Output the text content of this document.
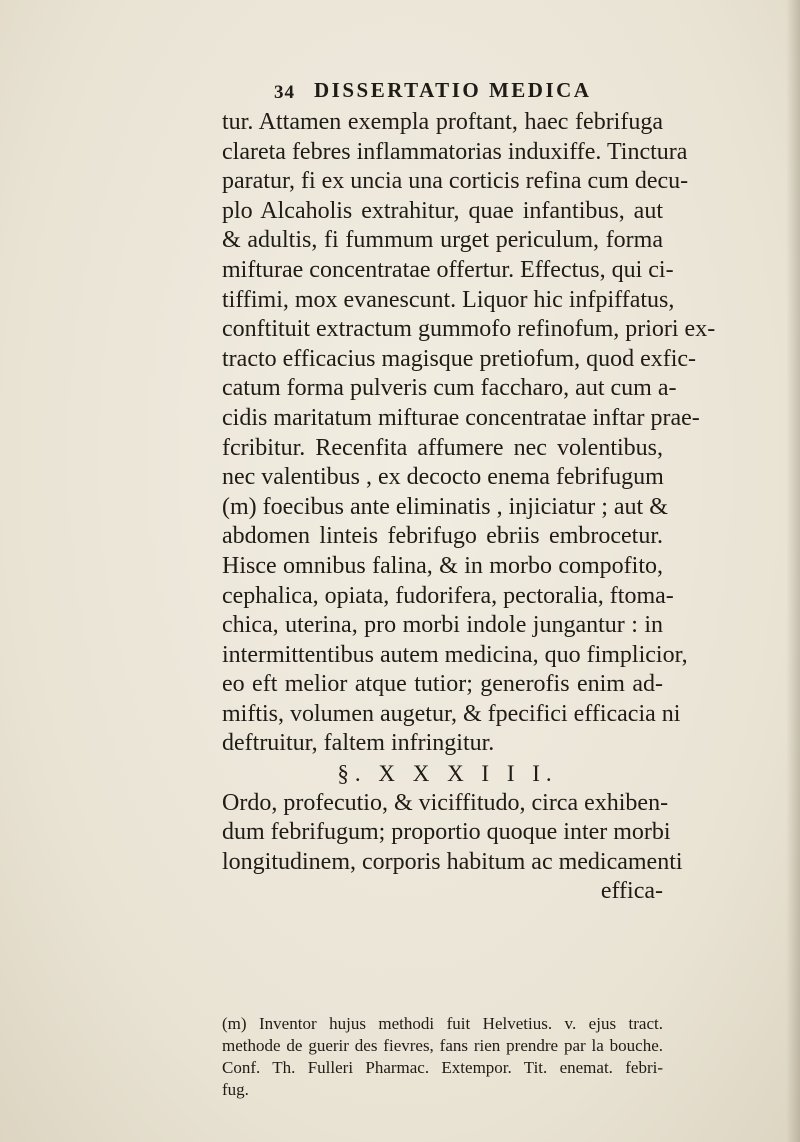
34 DISSERTATIO MEDICA
tur. Attamen exempla proftant, haec febrifuga
clareta febres inflammatorias induxiffe. Tinctura
paratur, fi ex uncia una corticis refina cum decu-
plo Alcaholis extrahitur, quae infantibus, aut
& adultis, fi fummum urget periculum, forma
mifturae concentratae offertur. Effectus, qui ci-
tiffimi, mox evanescunt. Liquor hic infpiffatus,
conftituit extractum gummofo refinofum, priori ex-
tracto efficacius magisque pretiofum, quod exfic-
catum forma pulveris cum faccharo, aut cum a-
cidis maritatum mifturae concentratae inftar prae-
fcribitur. Recenfita affumere nec volentibus,
nec valentibus , ex decocto enema febrifugum
(m) foecibus ante eliminatis , injiciatur ; aut &
abdomen linteis febrifugo ebriis embrocetur.
Hisce omnibus falina, & in morbo compofito,
cephalica, opiata, fudorifera, pectoralia, ftoma-
chica, uterina, pro morbi indole jungantur : in
intermittentibus autem medicina, quo fimplicior,
eo eft melior atque tutior; generofis enim ad-
miftis, volumen augetur, & fpecifici efficacia ni
deftruitur, faltem infringitur.
§. X X X I I I.
Ordo, profecutio, & viciffitudo, circa exhiben-
dum febrifugum; proportio quoque inter morbi
longitudinem, corporis habitum ac medicamenti
effica-
(m) Inventor hujus methodi fuit Helvetius. v. ejus tract.
methode de guerir des fievres, fans rien prendre par la bouche.
Conf. Th. Fullerі Pharmac. Extempor. Tit. enemat. febri-
fug.
